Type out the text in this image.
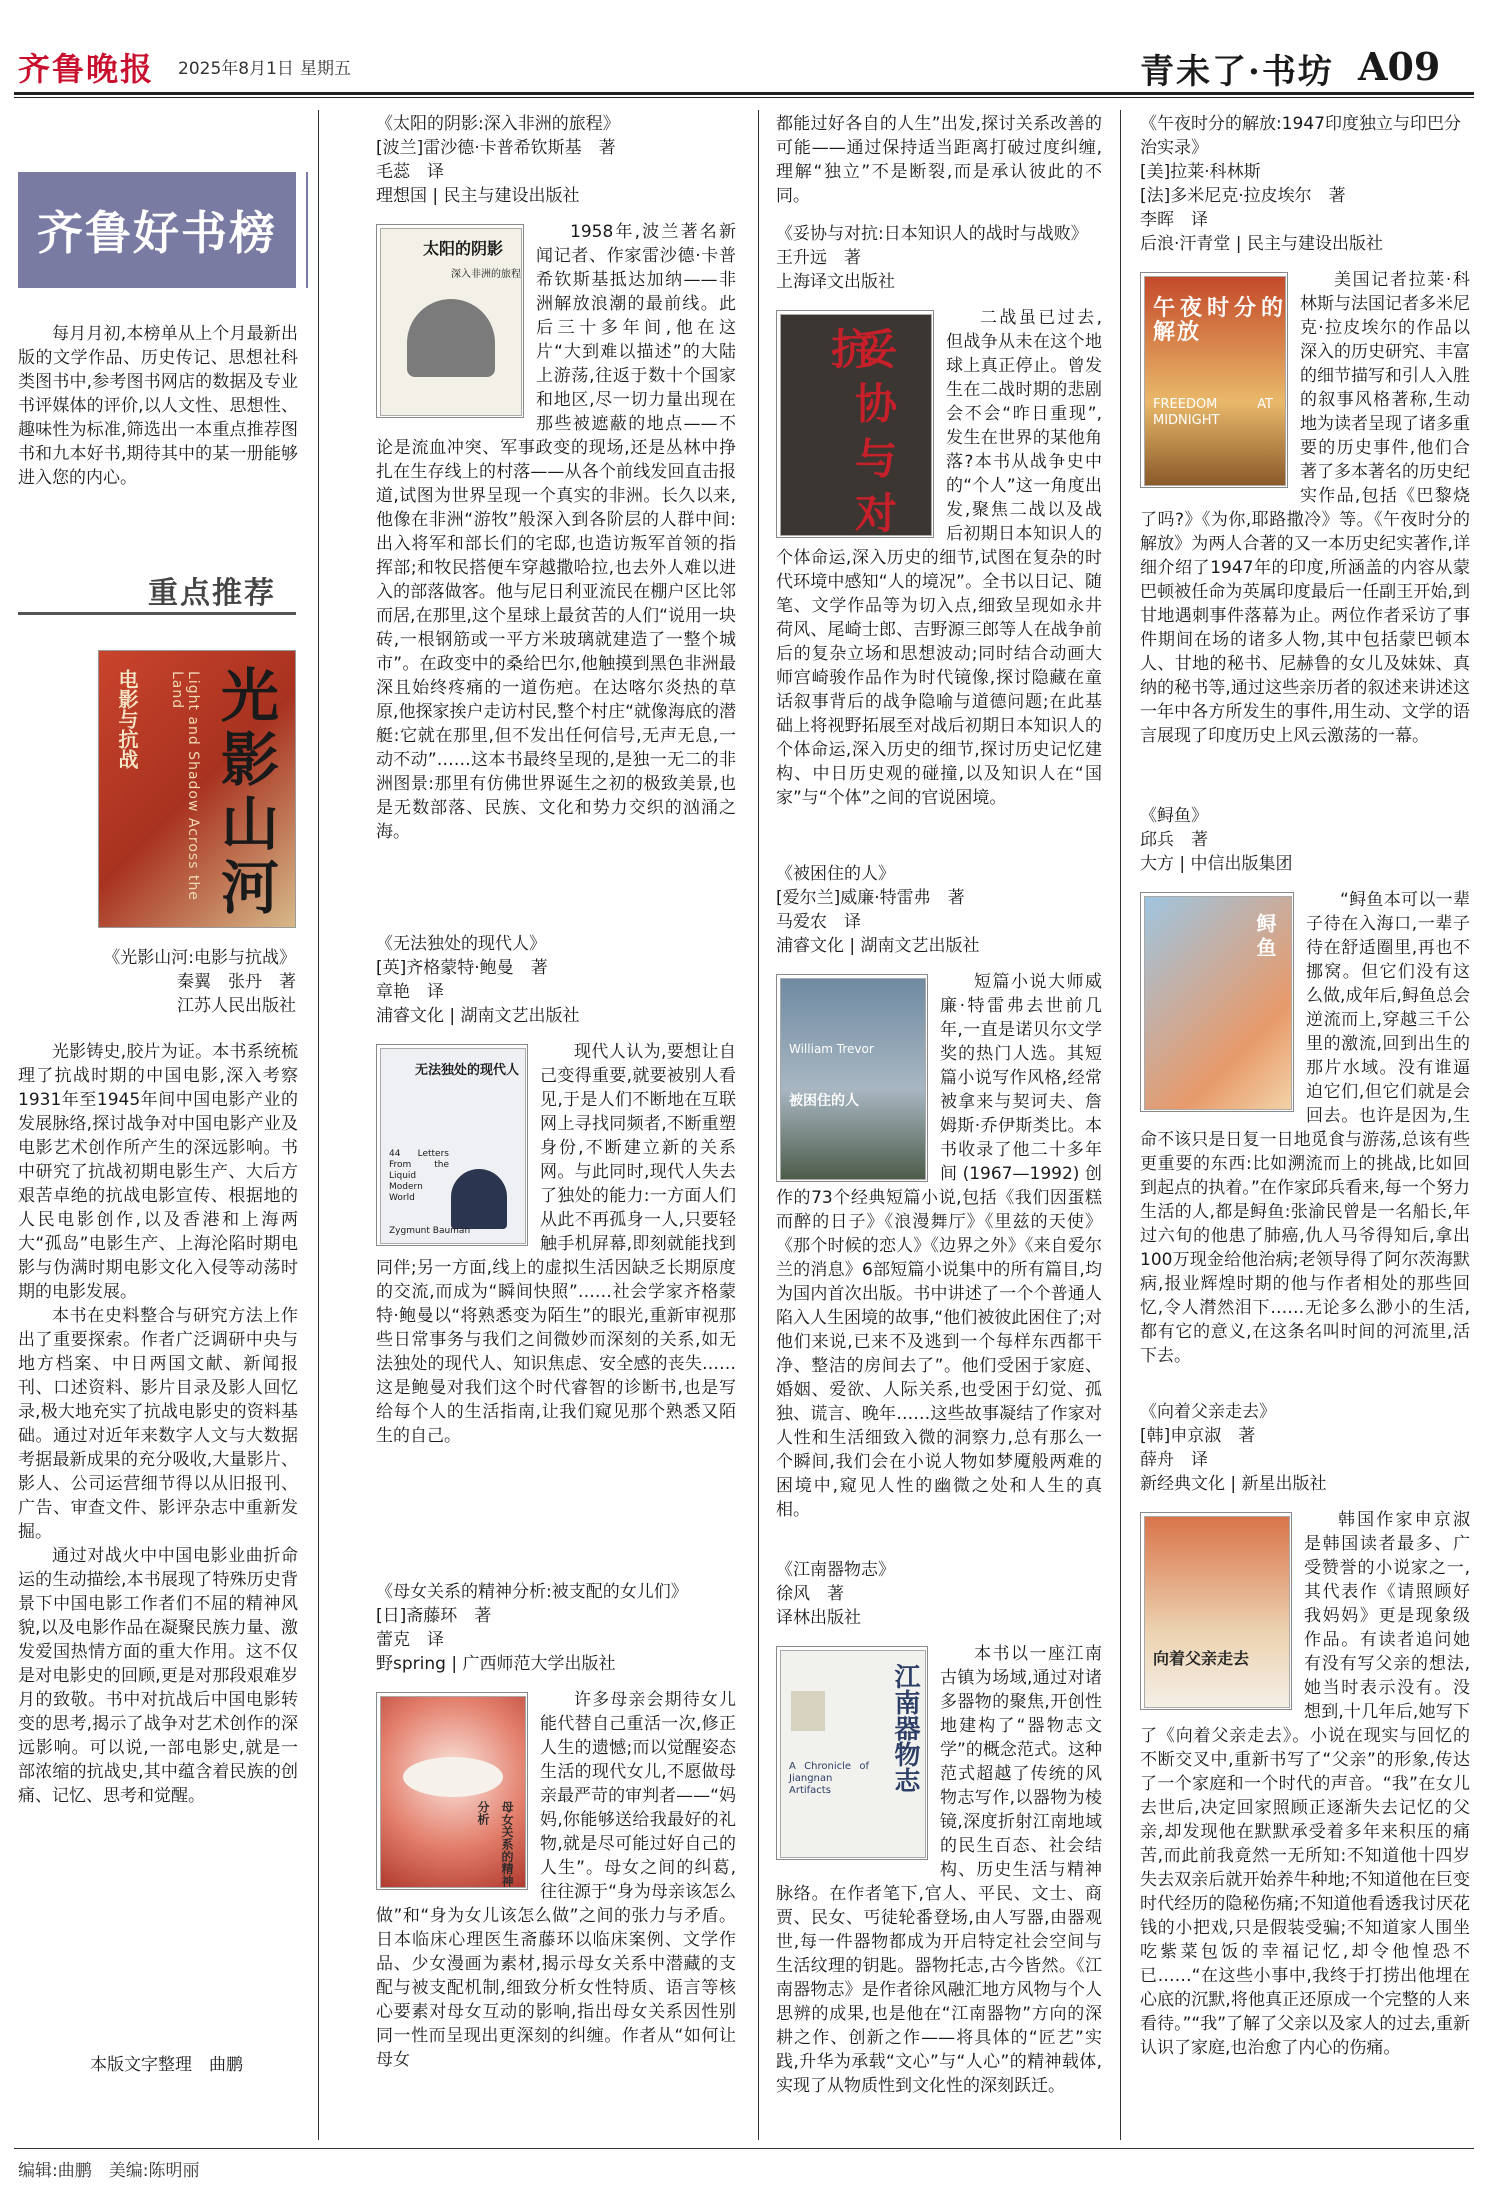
齐鲁晚报 2025年8月1日 星期五	青未了·书坊 A09
齐鲁好书榜
每月月初,本榜单从上个月最新出版的文学作品、历史传记、思想社科类图书中,参考图书网店的数据及专业书评媒体的评价,以人文性、思想性、趣味性为标准,筛选出一本重点推荐图书和九本好书,期待其中的某一册能够进入您的内心。
重点推荐
光影山河
电影与抗战	Light and Shadow Across the Land
《光影山河:电影与抗战》
秦翼　张丹　著
江苏人民出版社

光影铸史,胶片为证。本书系统梳理了抗战时期的中国电影,深入考察1931年至1945年间中国电影产业的发展脉络,探讨战争对中国电影产业及电影艺术创作所产生的深远影响。书中研究了抗战初期电影生产、大后方艰苦卓绝的抗战电影宣传、根据地的人民电影创作,以及香港和上海两大“孤岛”电影生产、上海沦陷时期电影与伪满时期电影文化入侵等动荡时期的电影发展。

本书在史料整合与研究方法上作出了重要探索。作者广泛调研中央与地方档案、中日两国文献、新闻报刊、口述资料、影片目录及影人回忆录,极大地充实了抗战电影史的资料基础。通过对近年来数字人文与大数据考据最新成果的充分吸收,大量影片、影人、公司运营细节得以从旧报刊、广告、审查文件、影评杂志中重新发掘。

通过对战火中中国电影业曲折命运的生动描绘,本书展现了特殊历史背景下中国电影工作者们不屈的精神风貌,以及电影作品在凝聚民族力量、激发爱国热情方面的重大作用。这不仅是对电影史的回顾,更是对那段艰难岁月的致敬。书中对抗战后中国电影转变的思考,揭示了战争对艺术创作的深远影响。可以说,一部电影史,就是一部浓缩的抗战史,其中蕴含着民族的创痛、记忆、思考和觉醒。

本版文字整理　曲鹏
《太阳的阴影:深入非洲的旅程》
[波兰]雷沙德·卡普希钦斯基　著
毛蕊　译
理想国 | 民主与建设出版社
太阳的阴影
深入非洲的旅程
1958年,波兰著名新闻记者、作家雷沙德·卡普希钦斯基抵达加纳——非洲解放浪潮的最前线。此后三十多年间,他在这片“大到难以描述”的大陆上游荡,往返于数十个国家和地区,尽一切力量出现在那些被遮蔽的地点——不论是流血冲突、军事政变的现场,还是丛林中挣扎在生存线上的村落——从各个前线发回直击报道,试图为世界呈现一个真实的非洲。长久以来,他像在非洲“游牧”般深入到各阶层的人群中间:出入将军和部长们的宅邸,也造访叛军首领的指挥部;和牧民搭便车穿越撒哈拉,也去外人难以进入的部落做客。他与尼日利亚流民在棚户区比邻而居,在那里,这个星球上最贫苦的人们“说用一块砖,一根钢筋或一平方米玻璃就建造了一整个城市”。在政变中的桑给巴尔,他触摸到黑色非洲最深且始终疼痛的一道伤疤。在达喀尔炎热的草原,他探家挨户走访村民,整个村庄“就像海底的潜艇:它就在那里,但不发出任何信号,无声无息,一动不动”……这本书最终呈现的,是独一无二的非洲图景:那里有仿佛世界诞生之初的极致美景,也是无数部落、民族、文化和势力交织的汹涌之海。
《无法独处的现代人》
[英]齐格蒙特·鲍曼　著
章艳　译
浦睿文化 | 湖南文艺出版社
无法独处的现代人
44 Letters From the Liquid Modern World
Zygmunt Bauman
现代人认为,要想让自己变得重要,就要被别人看见,于是人们不断地在互联网上寻找同频者,不断重塑身份,不断建立新的关系网。与此同时,现代人失去了独处的能力:一方面人们从此不再孤身一人,只要轻触手机屏幕,即刻就能找到同伴;另一方面,线上的虚拟生活因缺乏长期原度的交流,而成为“瞬间快照”……社会学家齐格蒙特·鲍曼以“将熟悉变为陌生”的眼光,重新审视那些日常事务与我们之间微妙而深刻的关系,如无法独处的现代人、知识焦虑、安全感的丧失……这是鲍曼对我们这个时代睿智的诊断书,也是写给每个人的生活指南,让我们窥见那个熟悉又陌生的自己。
《母女关系的精神分析:被支配的女儿们》
[日]斋藤环　著
蕾克　译
野spring | 广西师范大学出版社
母女关系的精神分析
许多母亲会期待女儿能代替自己重活一次,修正人生的遗憾;而以觉醒姿态生活的现代女儿,不愿做母亲最严苛的审判者——“妈妈,你能够送给我最好的礼物,就是尽可能过好自己的人生”。母女之间的纠葛,往往源于“身为母亲该怎么做”和“身为女儿该怎么做”之间的张力与矛盾。日本临床心理医生斋藤环以临床案例、文学作品、少女漫画为素材,揭示母女关系中潜藏的支配与被支配机制,细致分析女性特质、语言等核心要素对母女互动的影响,指出母女关系因性别同一性而呈现出更深刻的纠缠。作者从“如何让母女
都能过好各自的人生”出发,探讨关系改善的可能——通过保持适当距离打破过度纠缠,理解“独立”不是断裂,而是承认彼此的不同。
《妥协与对抗:日本知识人的战时与战败》
王升远　著
上海译文出版社
妥协与对抗
二战虽已过去,但战争从未在这个地球上真正停止。曾发生在二战时期的悲剧会不会“昨日重现”,发生在世界的某他角落?本书从战争史中的“个人”这一角度出发,聚焦二战以及战后初期日本知识人的个体命运,深入历史的细节,试图在复杂的时代环境中感知“人的境况”。全书以日记、随笔、文学作品等为切入点,细致呈现如永井荷风、尾崎士郎、吉野源三郎等人在战争前后的复杂立场和思想波动;同时结合动画大师宫崎骏作品作为时代镜像,探讨隐藏在童话叙事背后的战争隐喻与道德问题;在此基础上将视野拓展至对战后初期日本知识人的个体命运,深入历史的细节,探讨历史记忆建构、中日历史观的碰撞,以及知识人在“国家”与“个体”之间的官说困境。
《被困住的人》
[爱尔兰]威廉·特雷弗　著
马爱农　译
浦睿文化 | 湖南文艺出版社
William Trevor
被困住的人
短篇小说大师威廉·特雷弗去世前几年,一直是诺贝尔文学奖的热门人选。其短篇小说写作风格,经常被拿来与契诃夫、詹姆斯·乔伊斯类比。本书收录了他二十多年间(1967—1992)创作的73个经典短篇小说,包括《我们因蛋糕而醉的日子》《浪漫舞厅》《里兹的天使》《那个时候的恋人》《边界之外》《来自爱尔兰的消息》6部短篇小说集中的所有篇目,均为国内首次出版。书中讲述了一个个普通人陷入人生困境的故事,“他们被彼此困住了;对他们来说,已来不及逃到一个每样东西都干净、整洁的房间去了”。他们受困于家庭、婚姻、爱欲、人际关系,也受困于幻觉、孤独、谎言、晚年……这些故事凝结了作家对人性和生活细致入微的洞察力,总有那么一个瞬间,我们会在小说人物如梦魇般两难的困境中,窥见人性的幽微之处和人生的真相。
《江南器物志》
徐风　著
译林出版社
江南器物志
A Chronicle of Jiangnan Artifacts
本书以一座江南古镇为场域,通过对诸多器物的聚焦,开创性地建构了“器物志文学”的概念范式。这种范式超越了传统的风物志写作,以器物为棱镜,深度折射江南地域的民生百态、社会结构、历史生活与精神脉络。在作者笔下,官人、平民、文士、商贾、民女、丐徒轮番登场,由人写器,由器观世,每一件器物都成为开启特定社会空间与生活纹理的钥匙。器物托志,古今皆然。《江南器物志》是作者徐风融汇地方风物与个人思辨的成果,也是他在“江南器物”方向的深耕之作、创新之作——将具体的“匠艺”实践,升华为承载“文心”与“人心”的精神载体,实现了从物质性到文化性的深刻跃迁。
《午夜时分的解放:1947印度独立与印巴分治实录》
[美]拉莱·科林斯
[法]多米尼克·拉皮埃尔　著
李晖　译
后浪·汗青堂 | 民主与建设出版社
午夜时分的解放
FREEDOM AT MIDNIGHT
美国记者拉莱·科林斯与法国记者多米尼克·拉皮埃尔的作品以深入的历史研究、丰富的细节描写和引人入胜的叙事风格著称,生动地为读者呈现了诸多重要的历史事件,他们合著了多本著名的历史纪实作品,包括《巴黎烧了吗?》《为你,耶路撒冷》等。《午夜时分的解放》为两人合著的又一本历史纪实著作,详细介绍了1947年的印度,所涵盖的内容从蒙巴顿被任命为英属印度最后一任副王开始,到甘地遇刺事件落幕为止。两位作者采访了事件期间在场的诸多人物,其中包括蒙巴顿本人、甘地的秘书、尼赫鲁的女儿及妹妹、真纳的秘书等,通过这些亲历者的叙述来讲述这一年中各方所发生的事件,用生动、文学的语言展现了印度历史上风云激荡的一幕。
《鲟鱼》
邱兵　著
大方 | 中信出版集团
鲟鱼
“鲟鱼本可以一辈子待在入海口,一辈子待在舒适圈里,再也不挪窝。但它们没有这么做,成年后,鲟鱼总会逆流而上,穿越三千公里的激流,回到出生的那片水域。没有谁逼迫它们,但它们就是会回去。也许是因为,生命不该只是日复一日地觅食与游荡,总该有些更重要的东西:比如溯流而上的挑战,比如回到起点的执着。”在作家邱兵看来,每一个努力生活的人,都是鲟鱼:张渝民曾是一名船长,年过六旬的他患了肺癌,仇人马爷得知后,拿出100万现金给他治病;老领导得了阿尔茨海默病,报业辉煌时期的他与作者相处的那些回忆,令人潸然泪下……无论多么渺小的生活,都有它的意义,在这条名叫时间的河流里,活下去。
《向着父亲走去》
[韩]申京淑　著
薛舟　译
新经典文化 | 新星出版社
向着父亲走去
韩国作家申京淑是韩国读者最多、广受赞誉的小说家之一,其代表作《请照顾好我妈妈》更是现象级作品。有读者追问她有没有写父亲的想法,她当时表示没有。没想到,十几年后,她写下了《向着父亲走去》。小说在现实与回忆的不断交叉中,重新书写了“父亲”的形象,传达了一个家庭和一个时代的声音。“我”在女儿去世后,决定回家照顾正逐渐失去记忆的父亲,却发现他在默默承受着多年来积压的痛苦,而此前我竟然一无所知:不知道他十四岁失去双亲后就开始养牛种地;不知道他在巨变时代经历的隐秘伤痛;不知道他看透我讨厌花钱的小把戏,只是假装受骗;不知道家人围坐吃紫菜包饭的幸福记忆,却令他惶恐不已……“在这些小事中,我终于打捞出他埋在心底的沉默,将他真正还原成一个完整的人来看待。”“我”了解了父亲以及家人的过去,重新认识了家庭,也治愈了内心的伤痛。
编辑:曲鹏　美编:陈明丽
